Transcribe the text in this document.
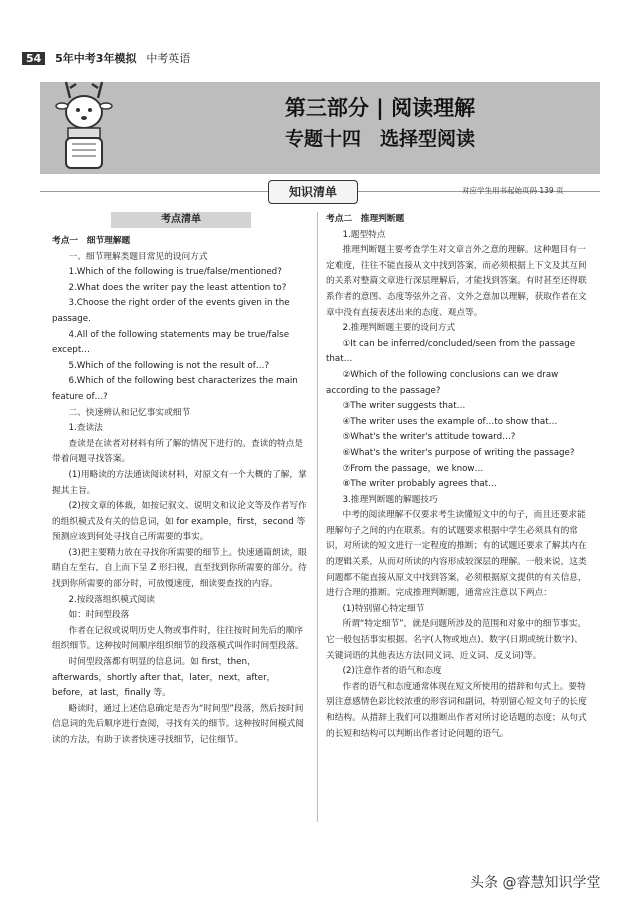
54 5年中考3年模拟 中考英语
第三部分 | 阅读理解
专题十四　选择型阅读
知识清单	对应学生用书起始页码 139 页
考点清单

考点一　细节理解题

一、细节理解类题目常见的设问方式

1.Which of the following is true/false/mentioned?

2.What does the writer pay the least attention to?

3.Choose the right order of the events given in the passage.

4.All of the following statements may be true/false except…

5.Which of the following is not the result of…?

6.Which of the following best characterizes the main feature of…?

二、快速辨认和记忆事实或细节

1.查读法

查读是在读者对材料有所了解的情况下进行的。查读的特点是带着问题寻找答案。

(1)用略读的方法通读阅读材料，对原文有一个大概的了解，掌握其主旨。

(2)按文章的体裁，如按记叙文、说明文和议论文等及作者写作的组织模式及有关的信息词，如 for example，first，second 等预测应该到何处寻找自己所需要的事实。

(3)把主要精力放在寻找你所需要的细节上。快速通篇朗读，眼睛自左至右，自上而下呈 Z 形扫视，直至找到你所需要的部分。待找到你所需要的部分时，可放慢速度，细读要查找的内容。

2.按段落组织模式阅读

如：时间型段落

作者在记叙或说明历史人物或事件时，往往按时间先后的顺序组织细节。这种按时间顺序组织细节的段落模式叫作时间型段落。

时间型段落都有明显的信息词。如 first，then，afterwards，shortly after that，later，next，after，before，at last，finally 等。

略读时，通过上述信息确定是否为“时间型”段落，然后按时间信息词的先后顺序进行查阅，寻找有关的细节。这种按时间模式阅读的方法，有助于读者快速寻找细节，记住细节。

考点二　推理判断题

1.题型特点

推理判断题主要考查学生对文章言外之意的理解。这种题目有一定难度，往往不能直接从文中找到答案，而必须根据上下文及其互间的关系对整篇文章进行深层理解后，才能找到答案。有时甚至还得联系作者的意图、态度等弦外之音、文外之意加以理解，获取作者在文章中没有直接表述出来的态度、观点等。

2.推理判断题主要的设问方式

①It can be inferred/concluded/seen from the passage that…

②Which of the following conclusions can we draw according to the passage?

③The writer suggests that…

④The writer uses the example of…to show that…

⑤What's the writer's attitude toward…?

⑥What's the writer's purpose of writing the passage?

⑦From the passage，we know…

⑧The writer probably agrees that…

3.推理判断题的解题技巧

中考的阅读理解不仅要求考生读懂短文中的句子，而且还要求能理解句子之间的内在联系。有的试题要求根据中学生必须具有的常识，对所读的短文进行一定程度的推断；有的试题还要求了解其内在的逻辑关系，从而对所读的内容形成较深层的理解。一般来说，这类问题都不能直接从原文中找到答案，必须根据原文提供的有关信息，进行合理的推断。完成推理判断题，通常应注意以下两点：

(1)特别留心特定细节

所谓“特定细节”，就是问题所涉及的范围和对象中的细节事实。它一般包括事实根据、名字(人物或地点)、数字(日期或统计数字)、关键词语的其他表达方法(同义词、近义词、反义词)等。

(2)注意作者的语气和态度

作者的语气和态度通常体现在短文所使用的措辞和句式上。要特别注意感情色彩比较浓重的形容词和副词，特别留心短文句子的长度和结构。从措辞上我们可以推断出作者对所讨论话题的态度；从句式的长短和结构可以判断出作者讨论问题的语气。

头条 @睿慧知识学堂
